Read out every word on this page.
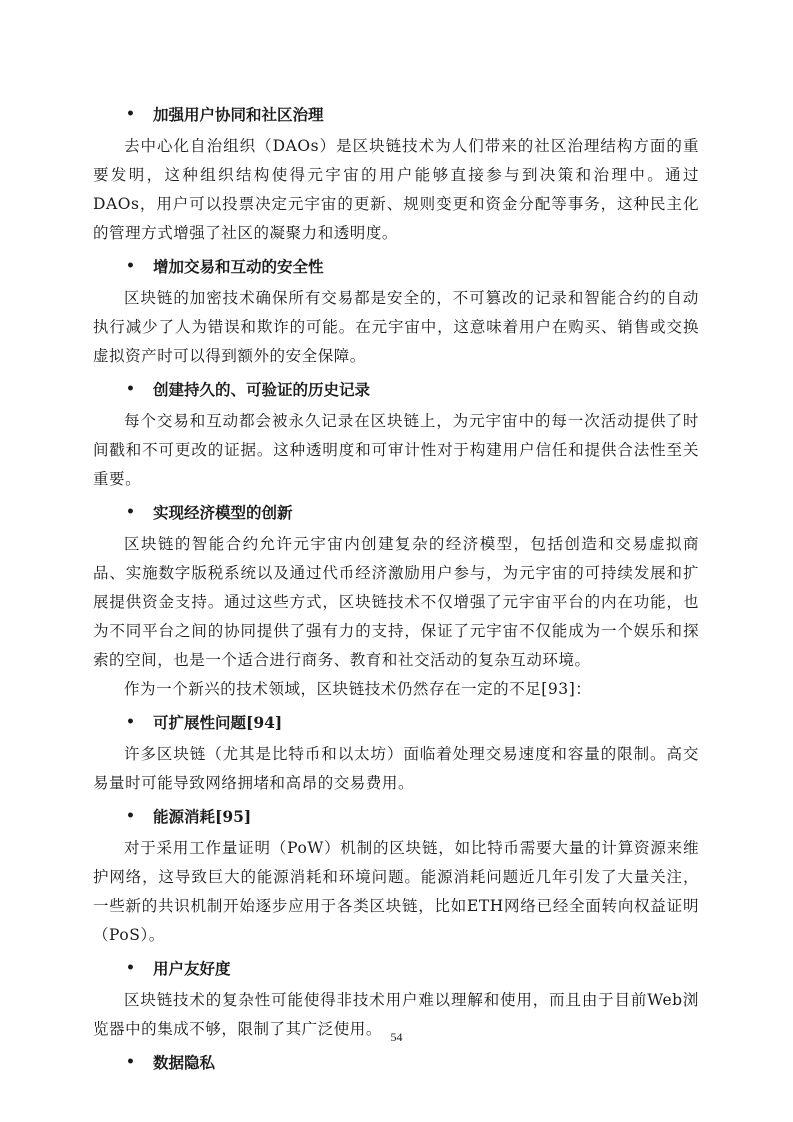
• 加强用户协同和社区治理

去中心化自治组织（DAOs）是区块链技术为人们带来的社区治理结构方面的重要发明，这种组织结构使得元宇宙的用户能够直接参与到决策和治理中。通过DAOs，用户可以投票决定元宇宙的更新、规则变更和资金分配等事务，这种民主化的管理方式增强了社区的凝聚力和透明度。

• 增加交易和互动的安全性

区块链的加密技术确保所有交易都是安全的，不可篡改的记录和智能合约的自动执行减少了人为错误和欺诈的可能。在元宇宙中，这意味着用户在购买、销售或交换虚拟资产时可以得到额外的安全保障。

• 创建持久的、可验证的历史记录

每个交易和互动都会被永久记录在区块链上，为元宇宙中的每一次活动提供了时间戳和不可更改的证据。这种透明度和可审计性对于构建用户信任和提供合法性至关重要。

• 实现经济模型的创新

区块链的智能合约允许元宇宙内创建复杂的经济模型，包括创造和交易虚拟商品、实施数字版税系统以及通过代币经济激励用户参与，为元宇宙的可持续发展和扩展提供资金支持。通过这些方式，区块链技术不仅增强了元宇宙平台的内在功能，也为不同平台之间的协同提供了强有力的支持，保证了元宇宙不仅能成为一个娱乐和探索的空间，也是一个适合进行商务、教育和社交活动的复杂互动环境。

作为一个新兴的技术领域，区块链技术仍然存在一定的不足[93]：

• 可扩展性问题[94]

许多区块链（尤其是比特币和以太坊）面临着处理交易速度和容量的限制。高交易量时可能导致网络拥堵和高昂的交易费用。

• 能源消耗[95]

对于采用工作量证明（PoW）机制的区块链，如比特币需要大量的计算资源来维护网络，这导致巨大的能源消耗和环境问题。能源消耗问题近几年引发了大量关注，一些新的共识机制开始逐步应用于各类区块链，比如ETH网络已经全面转向权益证明（PoS）。

• 用户友好度

区块链技术的复杂性可能使得非技术用户难以理解和使用，而且由于目前Web浏览器中的集成不够，限制了其广泛使用。

• 数据隐私
54
